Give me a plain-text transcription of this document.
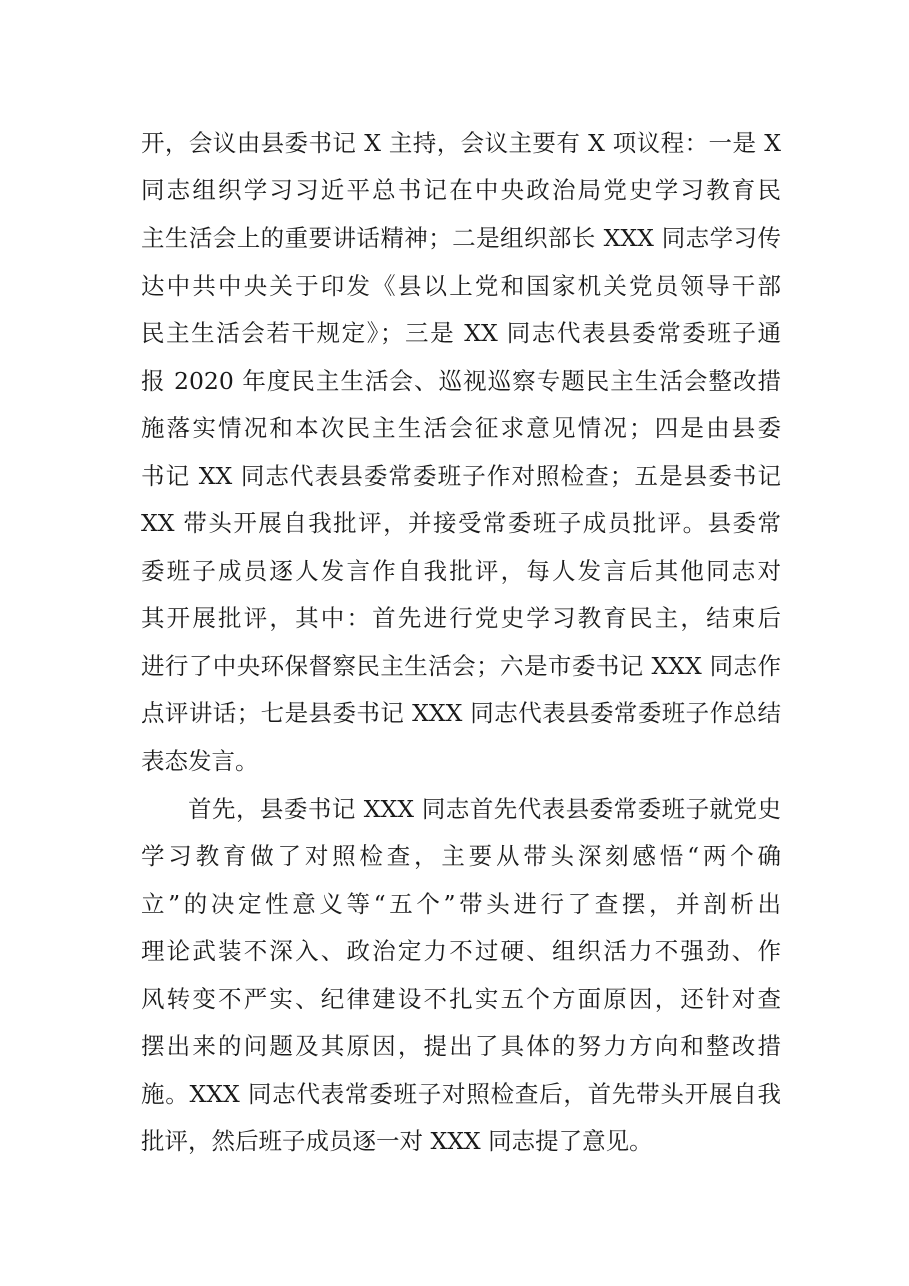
开，会议由县委书记 X 主持，会议主要有 X 项议程：一是 X
同志组织学习习近平总书记在中央政治局党史学习教育民
主生活会上的重要讲话精神；二是组织部长 XXX 同志学习传
达中共中央关于印发《县以上党和国家机关党员领导干部
民主生活会若干规定》；三是 XX 同志代表县委常委班子通
报 2020 年度民主生活会、巡视巡察专题民主生活会整改措
施落实情况和本次民主生活会征求意见情况；四是由县委
书记 XX 同志代表县委常委班子作对照检查；五是县委书记
XX 带头开展自我批评，并接受常委班子成员批评。县委常
委班子成员逐人发言作自我批评，每人发言后其他同志对
其开展批评，其中：首先进行党史学习教育民主，结束后
进行了中央环保督察民主生活会；六是市委书记 XXX 同志作
点评讲话；七是县委书记 XXX 同志代表县委常委班子作总结
表态发言。
首先，县委书记 XXX 同志首先代表县委常委班子就党史
学习教育做了对照检查，主要从带头深刻感悟“两个确
立”的决定性意义等“五个”带头进行了查摆，并剖析出
理论武装不深入、政治定力不过硬、组织活力不强劲、作
风转变不严实、纪律建设不扎实五个方面原因，还针对查
摆出来的问题及其原因，提出了具体的努力方向和整改措
施。XXX 同志代表常委班子对照检查后，首先带头开展自我
批评，然后班子成员逐一对 XXX 同志提了意见。
